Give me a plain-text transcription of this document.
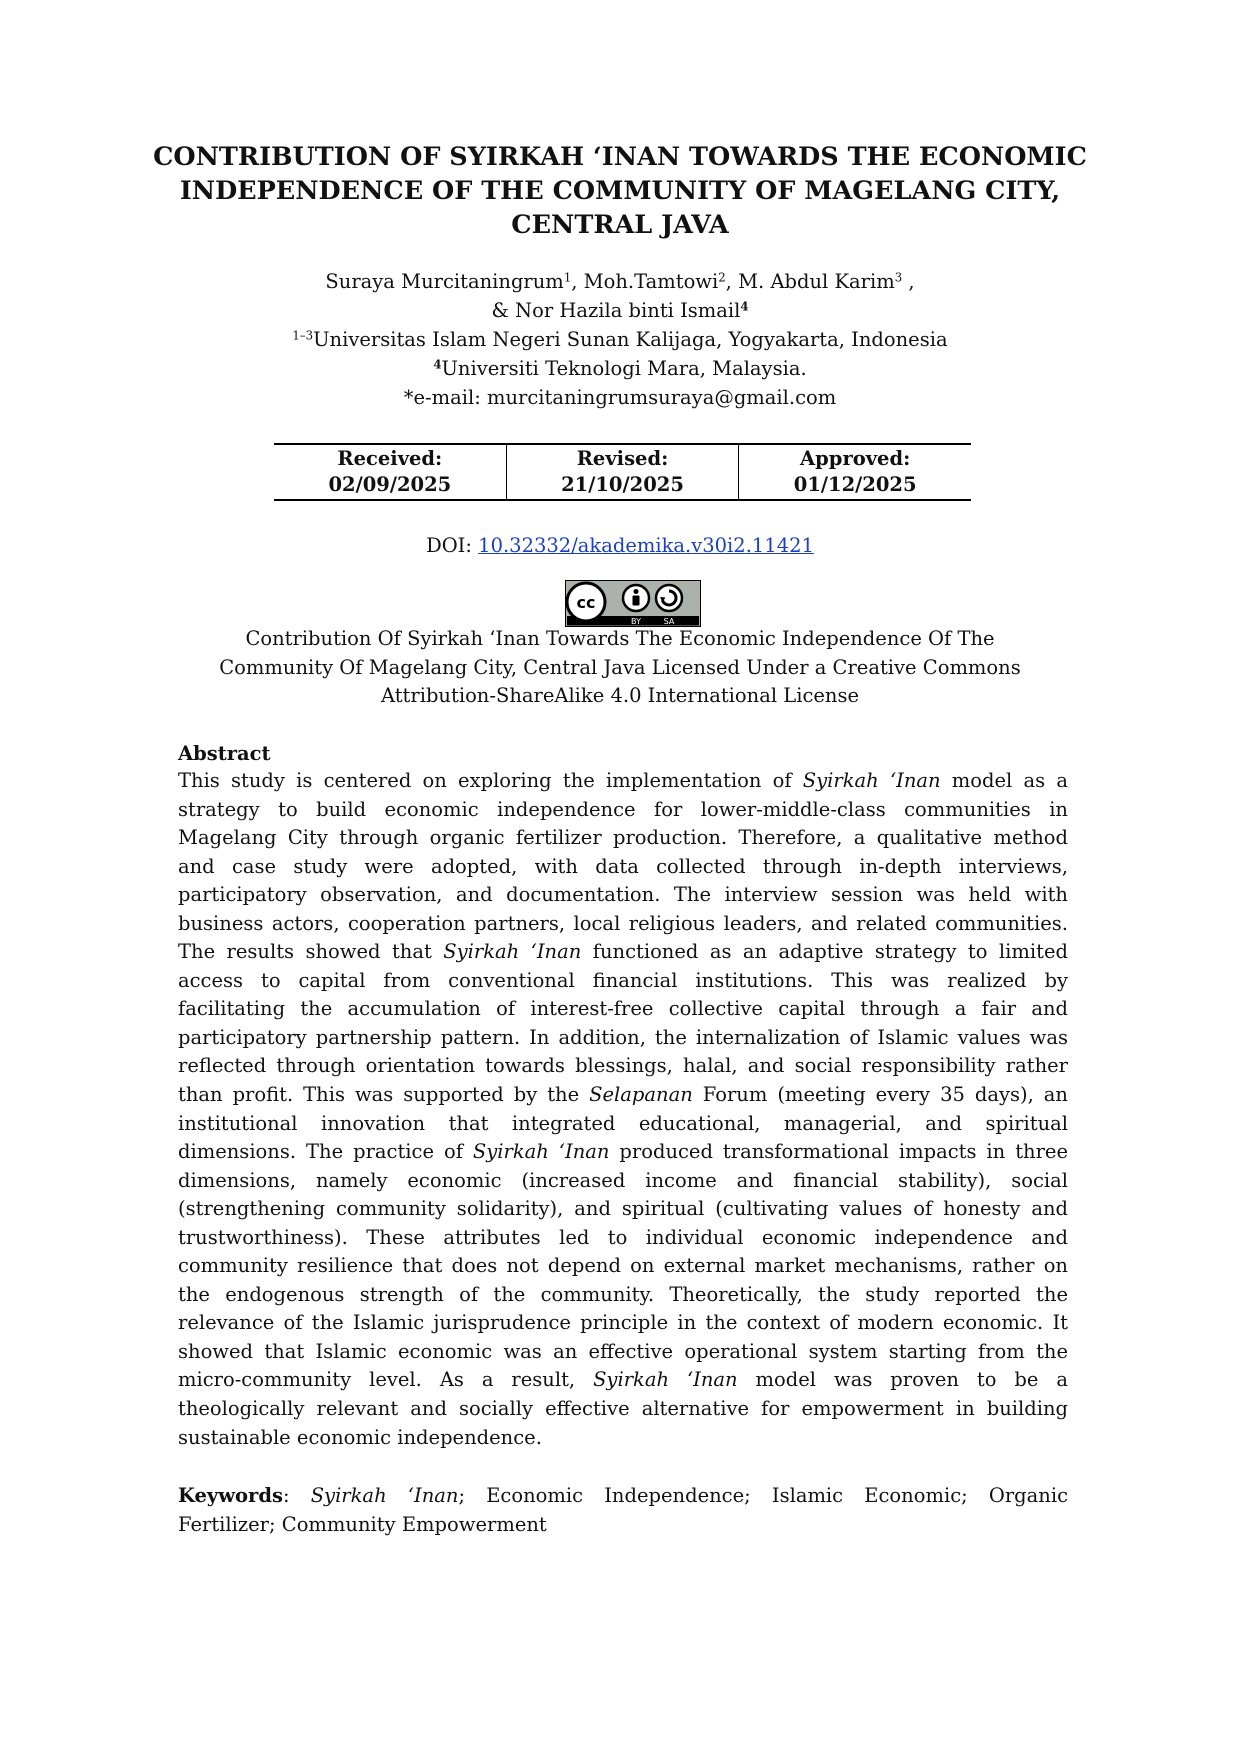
CONTRIBUTION OF SYIRKAH ‘INAN TOWARDS THE ECONOMIC
INDEPENDENCE OF THE COMMUNITY OF MAGELANG CITY,
CENTRAL JAVA
Suraya Murcitaningrum$^1$, Moh.Tamtowi$^2$, M. Abdul Karim$^3$ ,
& Nor Hazila binti Ismail$^4$
$^{1-3}$Universitas Islam Negeri Sunan Kalijaga, Yogyakarta, Indonesia
$^4$Universiti Teknologi Mara, Malaysia.
*e-mail: murcitaningrumsuraya@gmail.com
Received:
02/09/2025
Revised:
21/10/2025
Approved:
01/12/2025
DOI: 10.32332/akademika.v30i2.11421
cc
BY	SA
Contribution Of Syirkah ‘Inan Towards The Economic Independence Of The
Community Of Magelang City, Central Java Licensed Under a Creative Commons
Attribution-ShareAlike 4.0 International License
Abstract
This study is centered on exploring the implementation of Syirkah ‘Inan model as a
strategy to build economic independence for lower-middle-class communities in
Magelang City through organic fertilizer production. Therefore, a qualitative method
and case study were adopted, with data collected through in-depth interviews,
participatory observation, and documentation. The interview session was held with
business actors, cooperation partners, local religious leaders, and related communities.
The results showed that Syirkah ‘Inan functioned as an adaptive strategy to limited
access to capital from conventional financial institutions. This was realized by
facilitating the accumulation of interest-free collective capital through a fair and
participatory partnership pattern. In addition, the internalization of Islamic values was
reflected through orientation towards blessings, halal, and social responsibility rather
than profit. This was supported by the Selapanan Forum (meeting every 35 days), an
institutional innovation that integrated educational, managerial, and spiritual
dimensions. The practice of Syirkah ‘Inan produced transformational impacts in three
dimensions, namely economic (increased income and financial stability), social
(strengthening community solidarity), and spiritual (cultivating values of honesty and
trustworthiness). These attributes led to individual economic independence and
community resilience that does not depend on external market mechanisms, rather on
the endogenous strength of the community. Theoretically, the study reported the
relevance of the Islamic jurisprudence principle in the context of modern economic. It
showed that Islamic economic was an effective operational system starting from the
micro-community level. As a result, Syirkah ‘Inan model was proven to be a
theologically relevant and socially effective alternative for empowerment in building
sustainable economic independence.
Keywords: Syirkah ‘Inan; Economic Independence; Islamic Economic; Organic
Fertilizer; Community Empowerment
